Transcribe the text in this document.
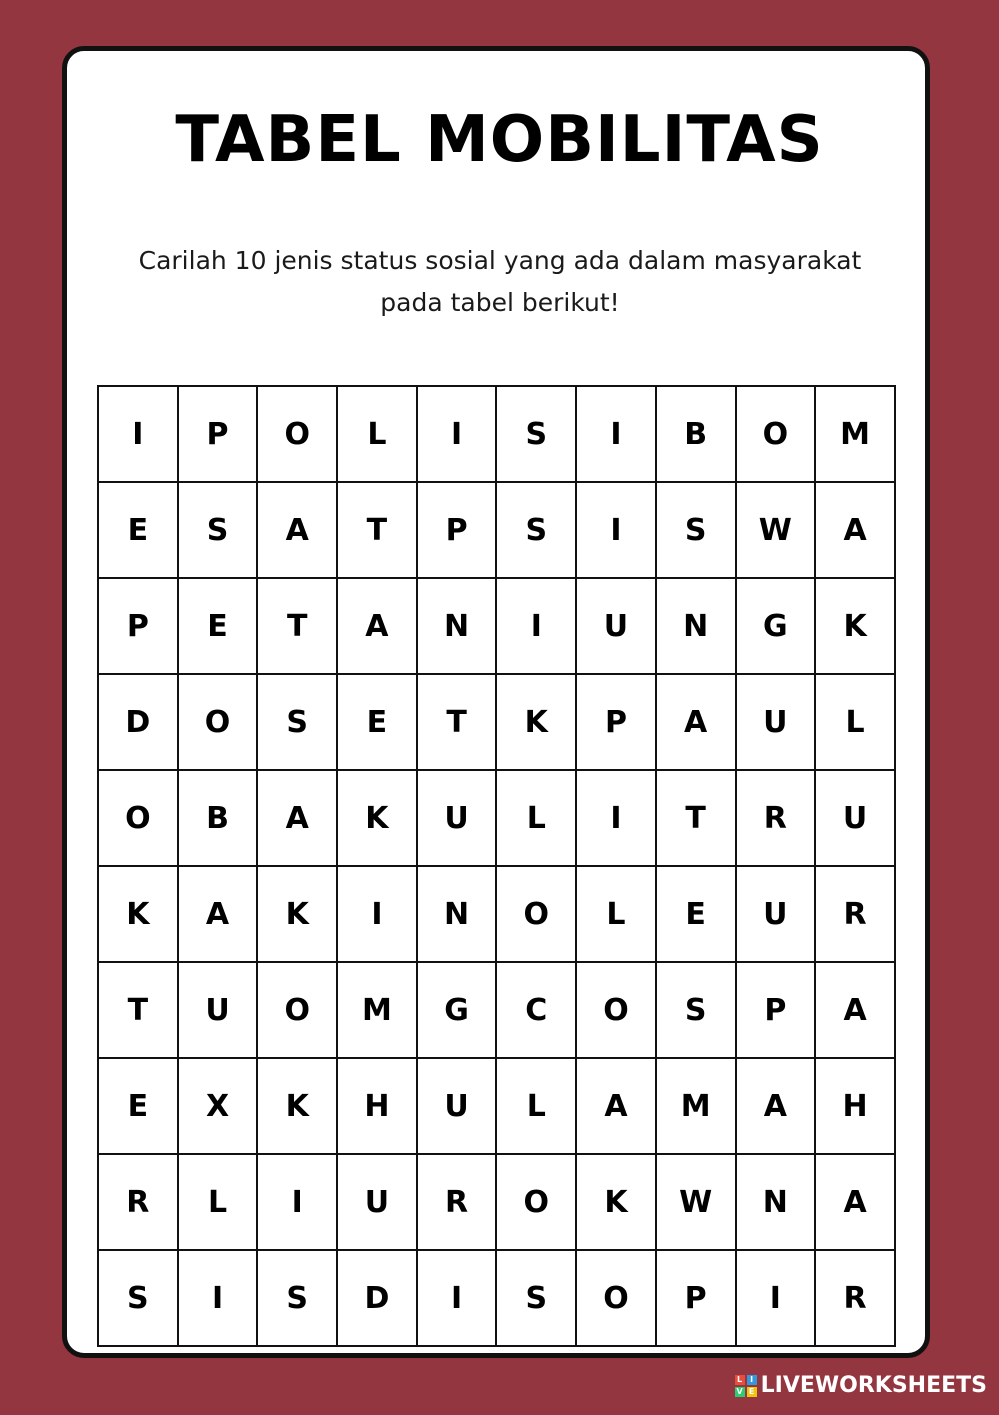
TABEL MOBILITAS

Carilah 10 jenis status sosial yang ada dalam masyarakat
pada tabel berikut!

I	P	O	L	I	S	I	B	O	M
E	S	A	T	P	S	I	S	W	A
P	E	T	A	N	I	U	N	G	K
D	O	S	E	T	K	P	A	U	L
O	B	A	K	U	L	I	T	R	U
K	A	K	I	N	O	L	E	U	R
T	U	O	M	G	C	O	S	P	A
E	X	K	H	U	L	A	M	A	H
R	L	I	U	R	O	K	W	N	A
S	I	S	D	I	S	O	P	I	R
L I
V E LIVEWORKSHEETS
